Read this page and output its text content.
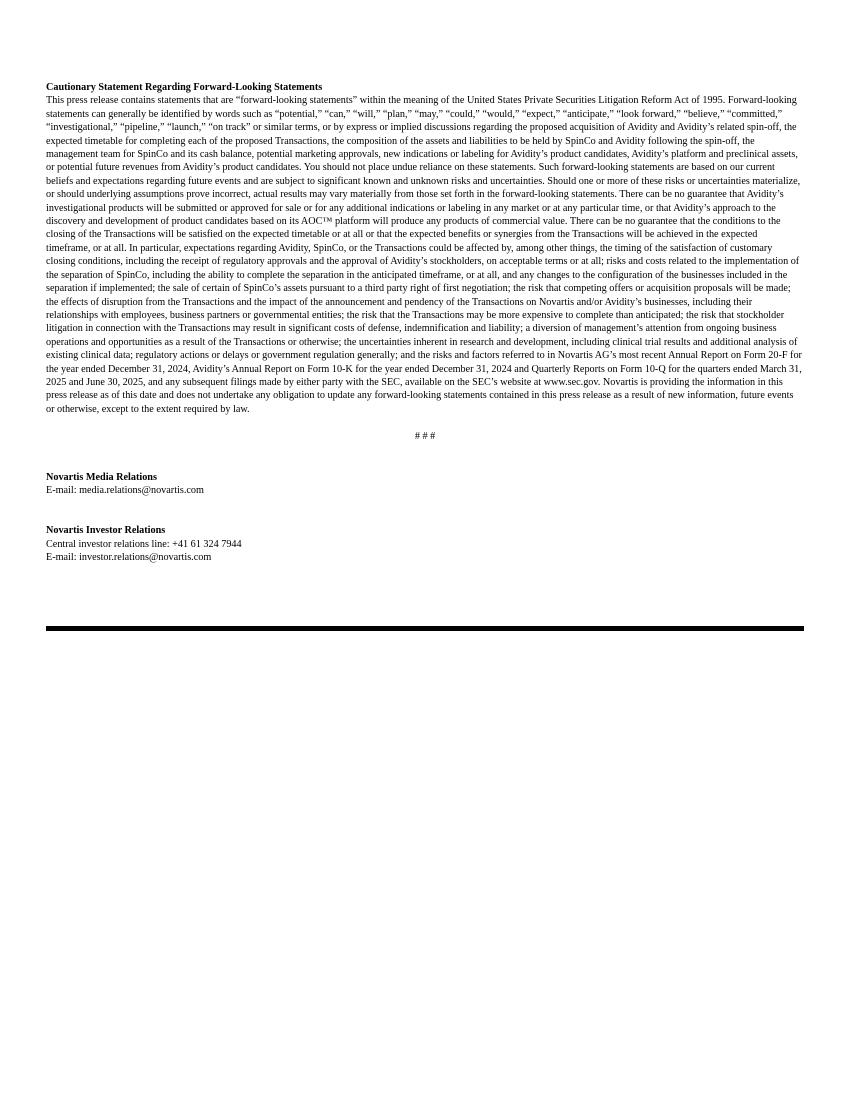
Cautionary Statement Regarding Forward-Looking Statements

This press release contains statements that are “forward-looking statements” within the meaning of the United States Private Securities Litigation Reform Act of 1995. Forward-looking statements can generally be identified by words such as “potential,” “can,” “will,” “plan,” “may,” “could,” “would,” “expect,” “anticipate,” “look forward,” “believe,” “committed,” “investigational,” “pipeline,” “launch,” “on track” or similar terms, or by express or implied discussions regarding the proposed acquisition of Avidity and Avidity’s related spin-off, the expected timetable for completing each of the proposed Transactions, the composition of the assets and liabilities to be held by SpinCo and Avidity following the spin-off, the management team for SpinCo and its cash balance, potential marketing approvals, new indications or labeling for Avidity’s product candidates, Avidity’s platform and preclinical assets, or potential future revenues from Avidity’s product candidates. You should not place undue reliance on these statements. Such forward-looking statements are based on our current beliefs and expectations regarding future events and are subject to significant known and unknown risks and uncertainties. Should one or more of these risks or uncertainties materialize, or should underlying assumptions prove incorrect, actual results may vary materially from those set forth in the forward-looking statements. There can be no guarantee that Avidity’s investigational products will be submitted or approved for sale or for any additional indications or labeling in any market or at any particular time, or that Avidity’s approach to the discovery and development of product candidates based on its AOC™ platform will produce any products of commercial value. There can be no guarantee that the conditions to the closing of the Transactions will be satisfied on the expected timetable or at all or that the expected benefits or synergies from the Transactions will be achieved in the expected timeframe, or at all. In particular, expectations regarding Avidity, SpinCo, or the Transactions could be affected by, among other things, the timing of the satisfaction of customary closing conditions, including the receipt of regulatory approvals and the approval of Avidity’s stockholders, on acceptable terms or at all; risks and costs related to the implementation of the separation of SpinCo, including the ability to complete the separation in the anticipated timeframe, or at all, and any changes to the configuration of the businesses included in the separation if implemented; the sale of certain of SpinCo’s assets pursuant to a third party right of first negotiation; the risk that competing offers or acquisition proposals will be made; the effects of disruption from the Transactions and the impact of the announcement and pendency of the Transactions on Novartis and/or Avidity’s businesses, including their relationships with employees, business partners or governmental entities; the risk that the Transactions may be more expensive to complete than anticipated; the risk that stockholder litigation in connection with the Transactions may result in significant costs of defense, indemnification and liability; a diversion of management’s attention from ongoing business operations and opportunities as a result of the Transactions or otherwise; the uncertainties inherent in research and development, including clinical trial results and additional analysis of existing clinical data; regulatory actions or delays or government regulation generally; and the risks and factors referred to in Novartis AG’s most recent Annual Report on Form 20-F for the year ended December 31, 2024, Avidity’s Annual Report on Form 10-K for the year ended December 31, 2024 and Quarterly Reports on Form 10-Q for the quarters ended March 31, 2025 and June 30, 2025, and any subsequent filings made by either party with the SEC, available on the SEC’s website at www.sec.gov. Novartis is providing the information in this press release as of this date and does not undertake any obligation to update any forward-looking statements contained in this press release as a result of new information, future events or otherwise, except to the extent required by law.

# # #
Novartis Media Relations
E-mail: media.relations@novartis.com
Novartis Investor Relations
Central investor relations line: +41 61 324 7944
E-mail: investor.relations@novartis.com
